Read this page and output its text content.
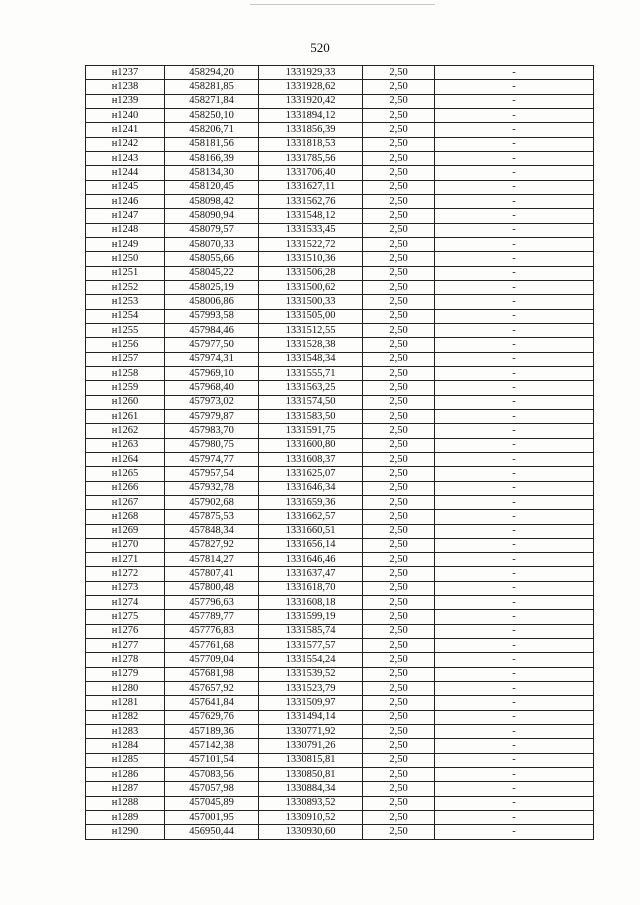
520
н1237	458294,20	1331929,33	2,50	-
н1238	458281,85	1331928,62	2,50	-
н1239	458271,84	1331920,42	2,50	-
н1240	458250,10	1331894,12	2,50	-
н1241	458206,71	1331856,39	2,50	-
н1242	458181,56	1331818,53	2,50	-
н1243	458166,39	1331785,56	2,50	-
н1244	458134,30	1331706,40	2,50	-
н1245	458120,45	1331627,11	2,50	-
н1246	458098,42	1331562,76	2,50	-
н1247	458090,94	1331548,12	2,50	-
н1248	458079,57	1331533,45	2,50	-
н1249	458070,33	1331522,72	2,50	-
н1250	458055,66	1331510,36	2,50	-
н1251	458045,22	1331506,28	2,50	-
н1252	458025,19	1331500,62	2,50	-
н1253	458006,86	1331500,33	2,50	-
н1254	457993,58	1331505,00	2,50	-
н1255	457984,46	1331512,55	2,50	-
н1256	457977,50	1331528,38	2,50	-
н1257	457974,31	1331548,34	2,50	-
н1258	457969,10	1331555,71	2,50	-
н1259	457968,40	1331563,25	2,50	-
н1260	457973,02	1331574,50	2,50	-
н1261	457979,87	1331583,50	2,50	-
н1262	457983,70	1331591,75	2,50	-
н1263	457980,75	1331600,80	2,50	-
н1264	457974,77	1331608,37	2,50	-
н1265	457957,54	1331625,07	2,50	-
н1266	457932,78	1331646,34	2,50	-
н1267	457902,68	1331659,36	2,50	-
н1268	457875,53	1331662,57	2,50	-
н1269	457848,34	1331660,51	2,50	-
н1270	457827,92	1331656,14	2,50	-
н1271	457814,27	1331646,46	2,50	-
н1272	457807,41	1331637,47	2,50	-
н1273	457800,48	1331618,70	2,50	-
н1274	457796,63	1331608,18	2,50	-
н1275	457789,77	1331599,19	2,50	-
н1276	457776,83	1331585,74	2,50	-
н1277	457761,68	1331577,57	2,50	-
н1278	457709,04	1331554,24	2,50	-
н1279	457681,98	1331539,52	2,50	-
н1280	457657,92	1331523,79	2,50	-
н1281	457641,84	1331509,97	2,50	-
н1282	457629,76	1331494,14	2,50	-
н1283	457189,36	1330771,92	2,50	-
н1284	457142,38	1330791,26	2,50	-
н1285	457101,54	1330815,81	2,50	-
н1286	457083,56	1330850,81	2,50	-
н1287	457057,98	1330884,34	2,50	-
н1288	457045,89	1330893,52	2,50	-
н1289	457001,95	1330910,52	2,50	-
н1290	456950,44	1330930,60	2,50	-
